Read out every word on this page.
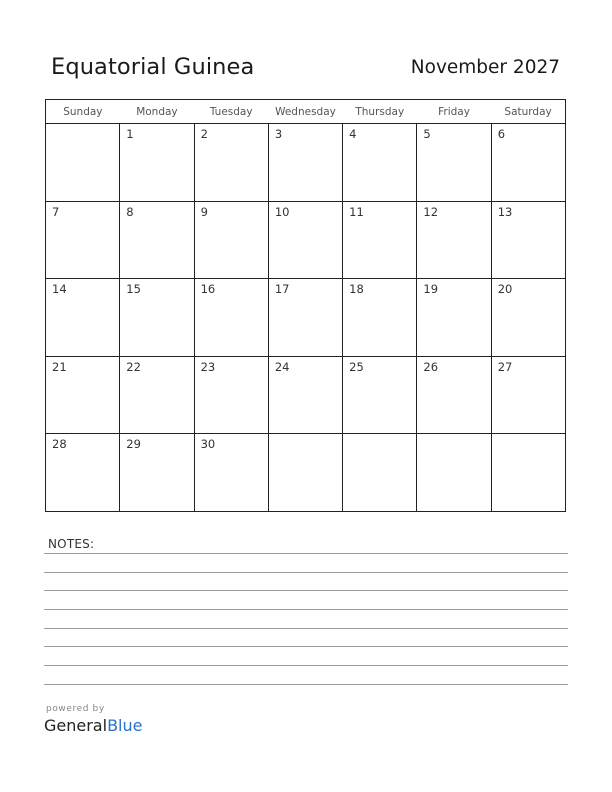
Equatorial Guinea	November 2027
Sunday	Monday	Tuesday	Wednesday	Thursday	Friday	Saturday

	1	2	3	4	5	6

7	8	9	10	11	12	13

14	15	16	17	18	19	20

21	22	23	24	25	26	27

28	29	30				

NOTES:
powered by
GeneralBlue
